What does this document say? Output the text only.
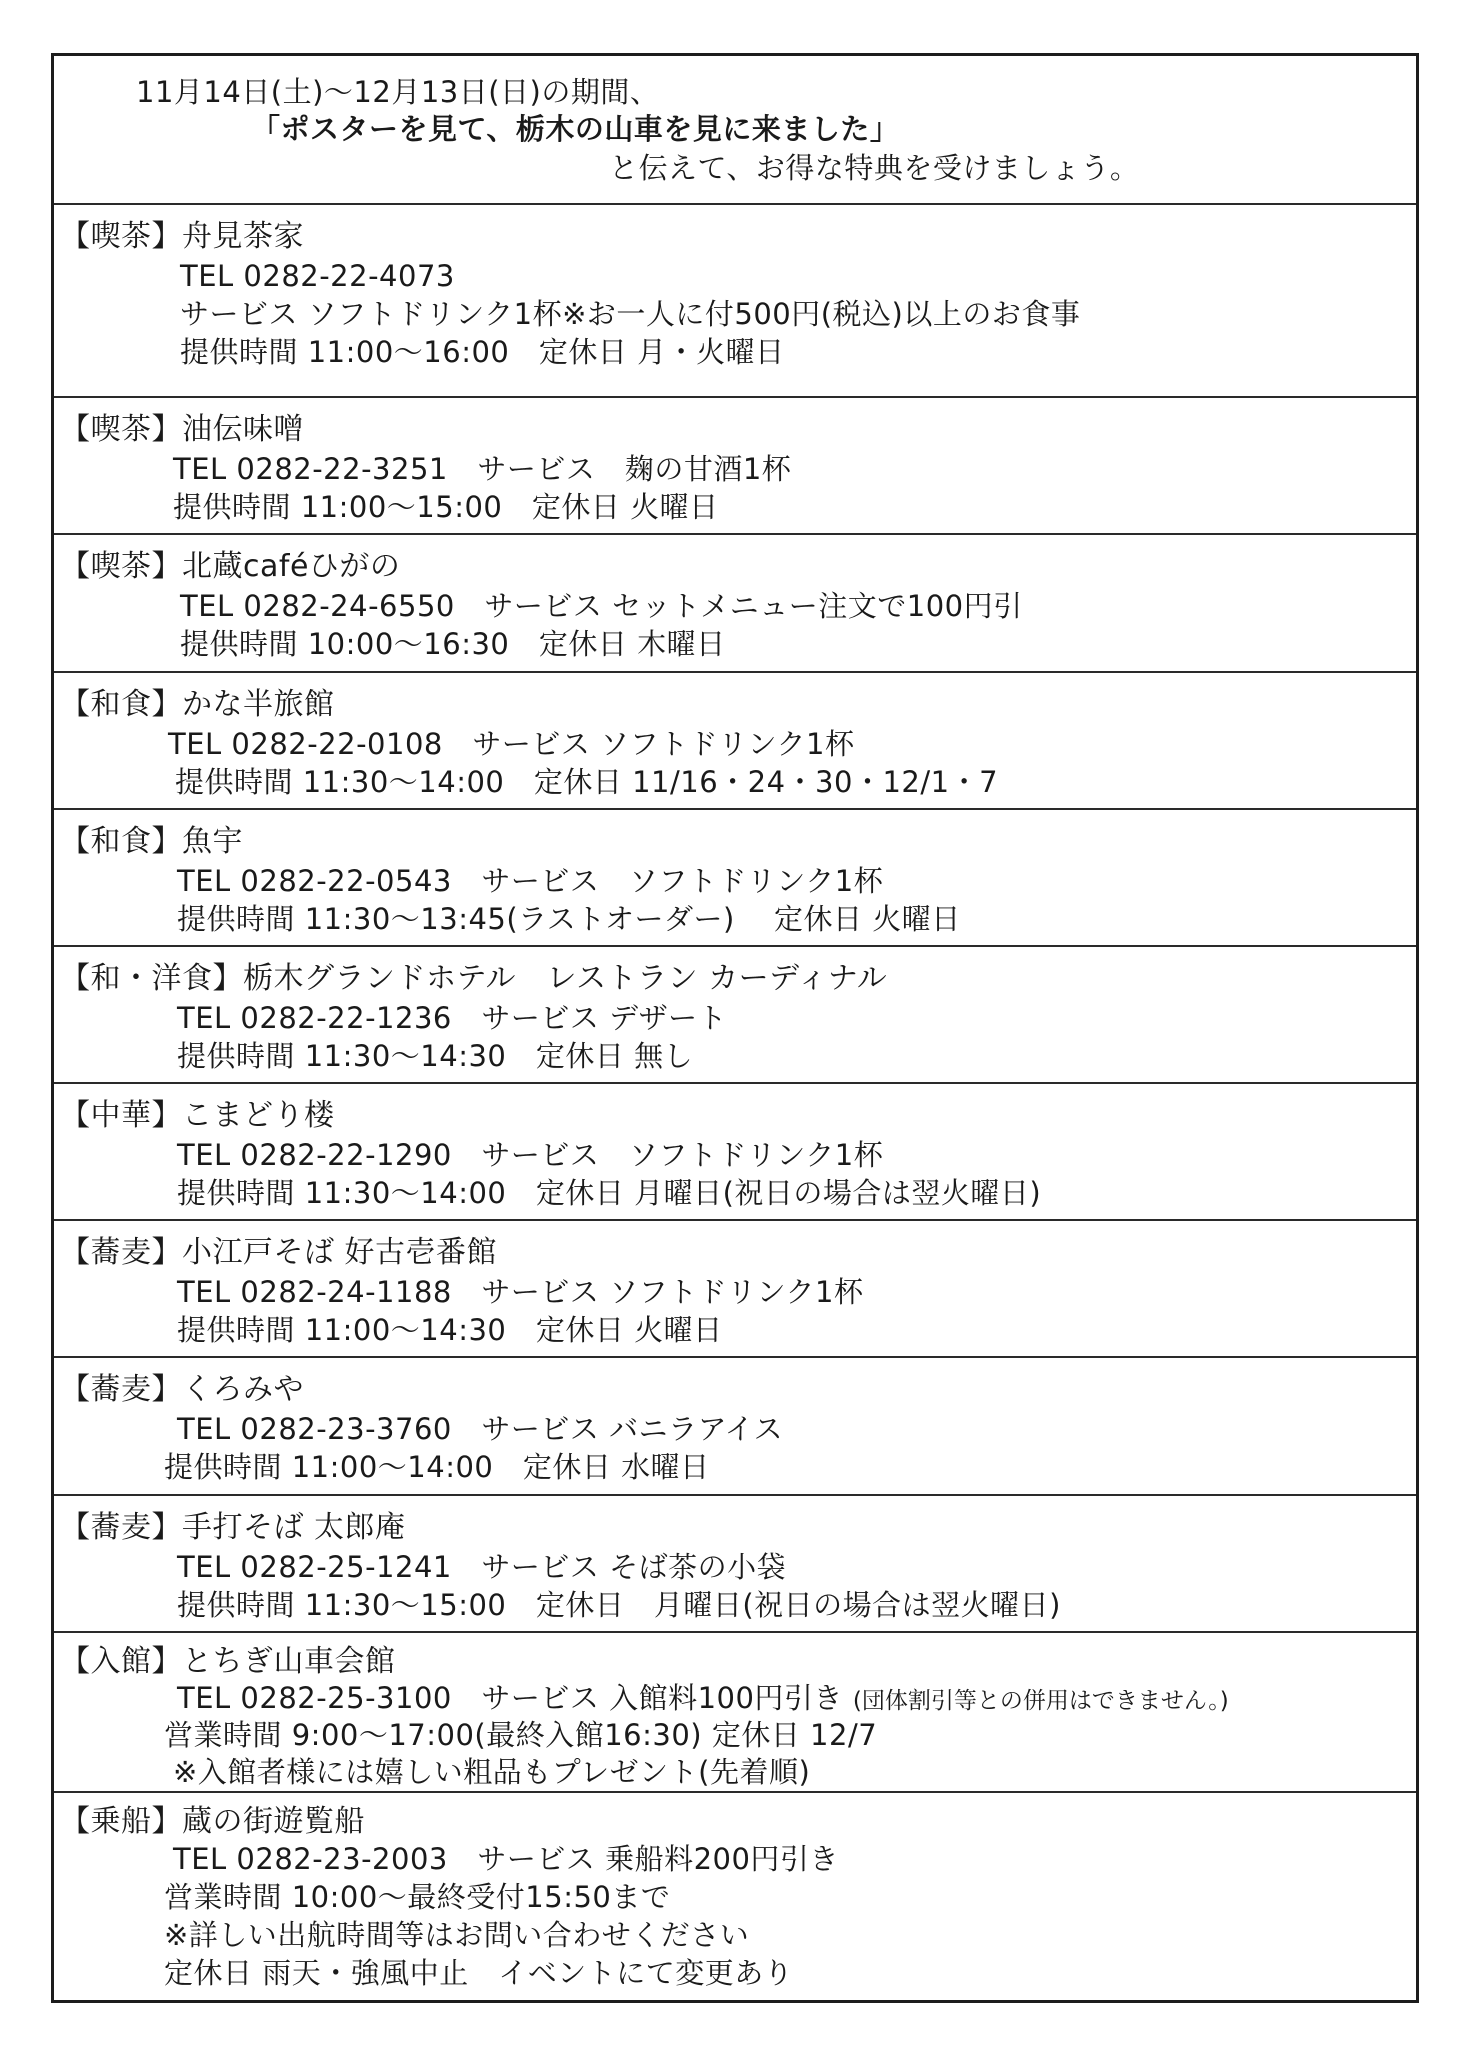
11月14日(土)～12月13日(日)の期間、
「ポスターを見て、栃木の山車を見に来ました」
と伝えて、お得な特典を受けましょう。
【喫茶】舟見茶家
TEL 0282-22-4073
サービス ソフトドリンク1杯※お一人に付500円(税込)以上のお食事
提供時間 11:00～16:00　定休日 月・火曜日
【喫茶】油伝味噌
TEL 0282-22-3251　サービス　麹の甘酒1杯
提供時間 11:00～15:00　定休日 火曜日
【喫茶】北蔵caféひがの
TEL 0282-24-6550　サービス セットメニュー注文で100円引
提供時間 10:00～16:30　定休日 木曜日
【和食】かな半旅館
TEL 0282-22-0108　サービス ソフトドリンク1杯
提供時間 11:30～14:00　定休日 11/16・24・30・12/1・7
【和食】魚宇
TEL 0282-22-0543　サービス　ソフトドリンク1杯
提供時間 11:30～13:45(ラストオーダー)　 定休日 火曜日
【和・洋食】栃木グランドホテル　レストラン カーディナル
TEL 0282-22-1236　サービス デザート
提供時間 11:30～14:30　定休日 無し
【中華】こまどり楼
TEL 0282-22-1290　サービス　ソフトドリンク1杯
提供時間 11:30～14:00　定休日 月曜日(祝日の場合は翌火曜日)
【蕎麦】小江戸そば 好古壱番館
TEL 0282-24-1188　サービス ソフトドリンク1杯
提供時間 11:00～14:30　定休日 火曜日
【蕎麦】くろみや
TEL 0282-23-3760　サービス バニラアイス
提供時間 11:00～14:00　定休日 水曜日
【蕎麦】手打そば 太郎庵
TEL 0282-25-1241　サービス そば茶の小袋
提供時間 11:30～15:00　定休日　月曜日(祝日の場合は翌火曜日)
【入館】とちぎ山車会館
TEL 0282-25-3100　サービス 入館料100円引き (団体割引等との併用はできません。)
営業時間 9:00～17:00(最終入館16:30) 定休日 12/7
※入館者様には嬉しい粗品もプレゼント(先着順)
【乗船】蔵の街遊覧船
TEL 0282-23-2003　サービス 乗船料200円引き
営業時間 10:00～最終受付15:50まで
※詳しい出航時間等はお問い合わせください
定休日 雨天・強風中止　イベントにて変更あり
